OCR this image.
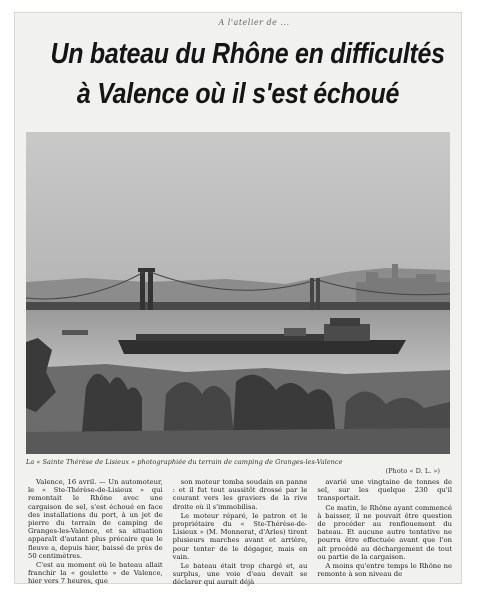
A l'atelier de ...
Un bateau du Rhône en difficultés
à Valence où il s'est échoué
La « Sainte Thérèse de Lisieux » photographiée du terrain de camping de Granges-les-Valence
(Photo « D. L. »)

Valence, 16 avril. — Un automoteur, le « Ste-Thérèse-de-Lisieux » qui remontait le Rhône avec une cargaison de sel, s'est échoué en face des installations du port, à un jet de pierre du terrain de camping de Granges-les-Valence, et sa situation apparaît d'autant plus précaire que le fleuve a, depuis hier, baissé de près de 50 centimètres.

C'est au moment où le bateau allait franchir la « goulette » de Valence, hier vers 7 heures, que

son moteur tomba soudain en panne : et il fut tout aussitôt drossé par le courant vers les graviers de la rive droite où il s'immobilisa.

Le moteur réparé, le patron et le propriétaire du « Ste-Thérèse-de-Lisieux » (M. Monnerat, d'Arles) tirent plusieurs marches avant et arrière, pour tenter de le dégager, mais en vain.

Le bateau était trop chargé et, au surplus, une voie d'eau devait se déclarer qui aurait déjà

avarié une vingtaine de tonnes de sel, sur les quelque 230 qu'il transportait.

Ce matin, le Rhône ayant commencé à baisser, il ne pouvait être question de procéder au renflouement du bateau. Et aucune autre tentative ne pourra être effectuée avant que l'on ait procédé au déchargement de tout ou partie de la cargaison.

A moins qu'entre temps le Rhône ne remonte à son niveau de
